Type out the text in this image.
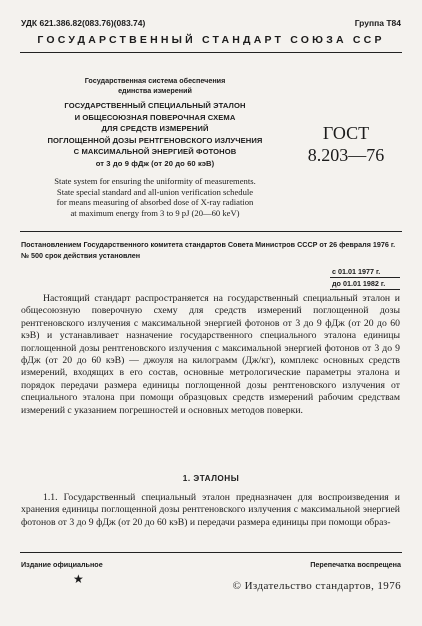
УДК 621.386.82(083.76)(083.74)	Группа Т84
ГОСУДАРСТВЕННЫЙ СТАНДАРТ СОЮЗА ССР
Государственная система обеспечения
единства измерений
ГОСУДАРСТВЕННЫЙ СПЕЦИАЛЬНЫЙ ЭТАЛОН
И ОБЩЕСОЮЗНАЯ ПОВЕРОЧНАЯ СХЕМА
ДЛЯ СРЕДСТВ ИЗМЕРЕНИЙ
ПОГЛОЩЕННОЙ ДОЗЫ РЕНТГЕНОВСКОГО ИЗЛУЧЕНИЯ
С МАКСИМАЛЬНОЙ ЭНЕРГИЕЙ ФОТОНОВ
от 3 до 9 фДж (от 20 до 60 кэВ)
State system for ensuring the uniformity of measurements.
State special standard and all-union verification schedule
for means measuring of absorbed dose of X-ray radiation
at maximum energy from 3 to 9 pJ (20—60 keV)
ГОСТ
8.203—76
Постановлением Государственного комитета стандартов Совета Министров СССР от 26 февраля 1976 г. № 500 срок действия установлен
с 01.01 1977 г.
до 01.01 1982 г.

Настоящий стандарт распространяется на государственный специальный эталон и общесоюзную поверочную схему для средств измерений поглощенной дозы рентгеновского излучения с максимальной энергией фотонов от 3 до 9 фДж (от 20 до 60 кэВ) и устанавливает назначение государственного специального эталона единицы поглощенной дозы рентгеновского излучения с максимальной энергией фотонов от 3 до 9 фДж (от 20 до 60 кэВ) — джоуля на килограмм (Дж/кг), комплекс основных средств измерений, входящих в его состав, основные метрологические параметры эталона и порядок передачи размера единицы поглощенной дозы рентгеновского излучения от специального эталона при помощи образцовых средств измерений рабочим средствам измерений с указанием погрешностей и основных методов поверки.

1. ЭТАЛОНЫ

1.1. Государственный специальный эталон предназначен для воспроизведения и хранения единицы поглощенной дозы рентгеновского излучения с максимальной энергией фотонов от 3 до 9 фДж (от 20 до 60 кэВ) и передачи размера единицы при помощи образ-

Издание официальное	Перепечатка воспрещена
★	© Издательство стандартов, 1976
